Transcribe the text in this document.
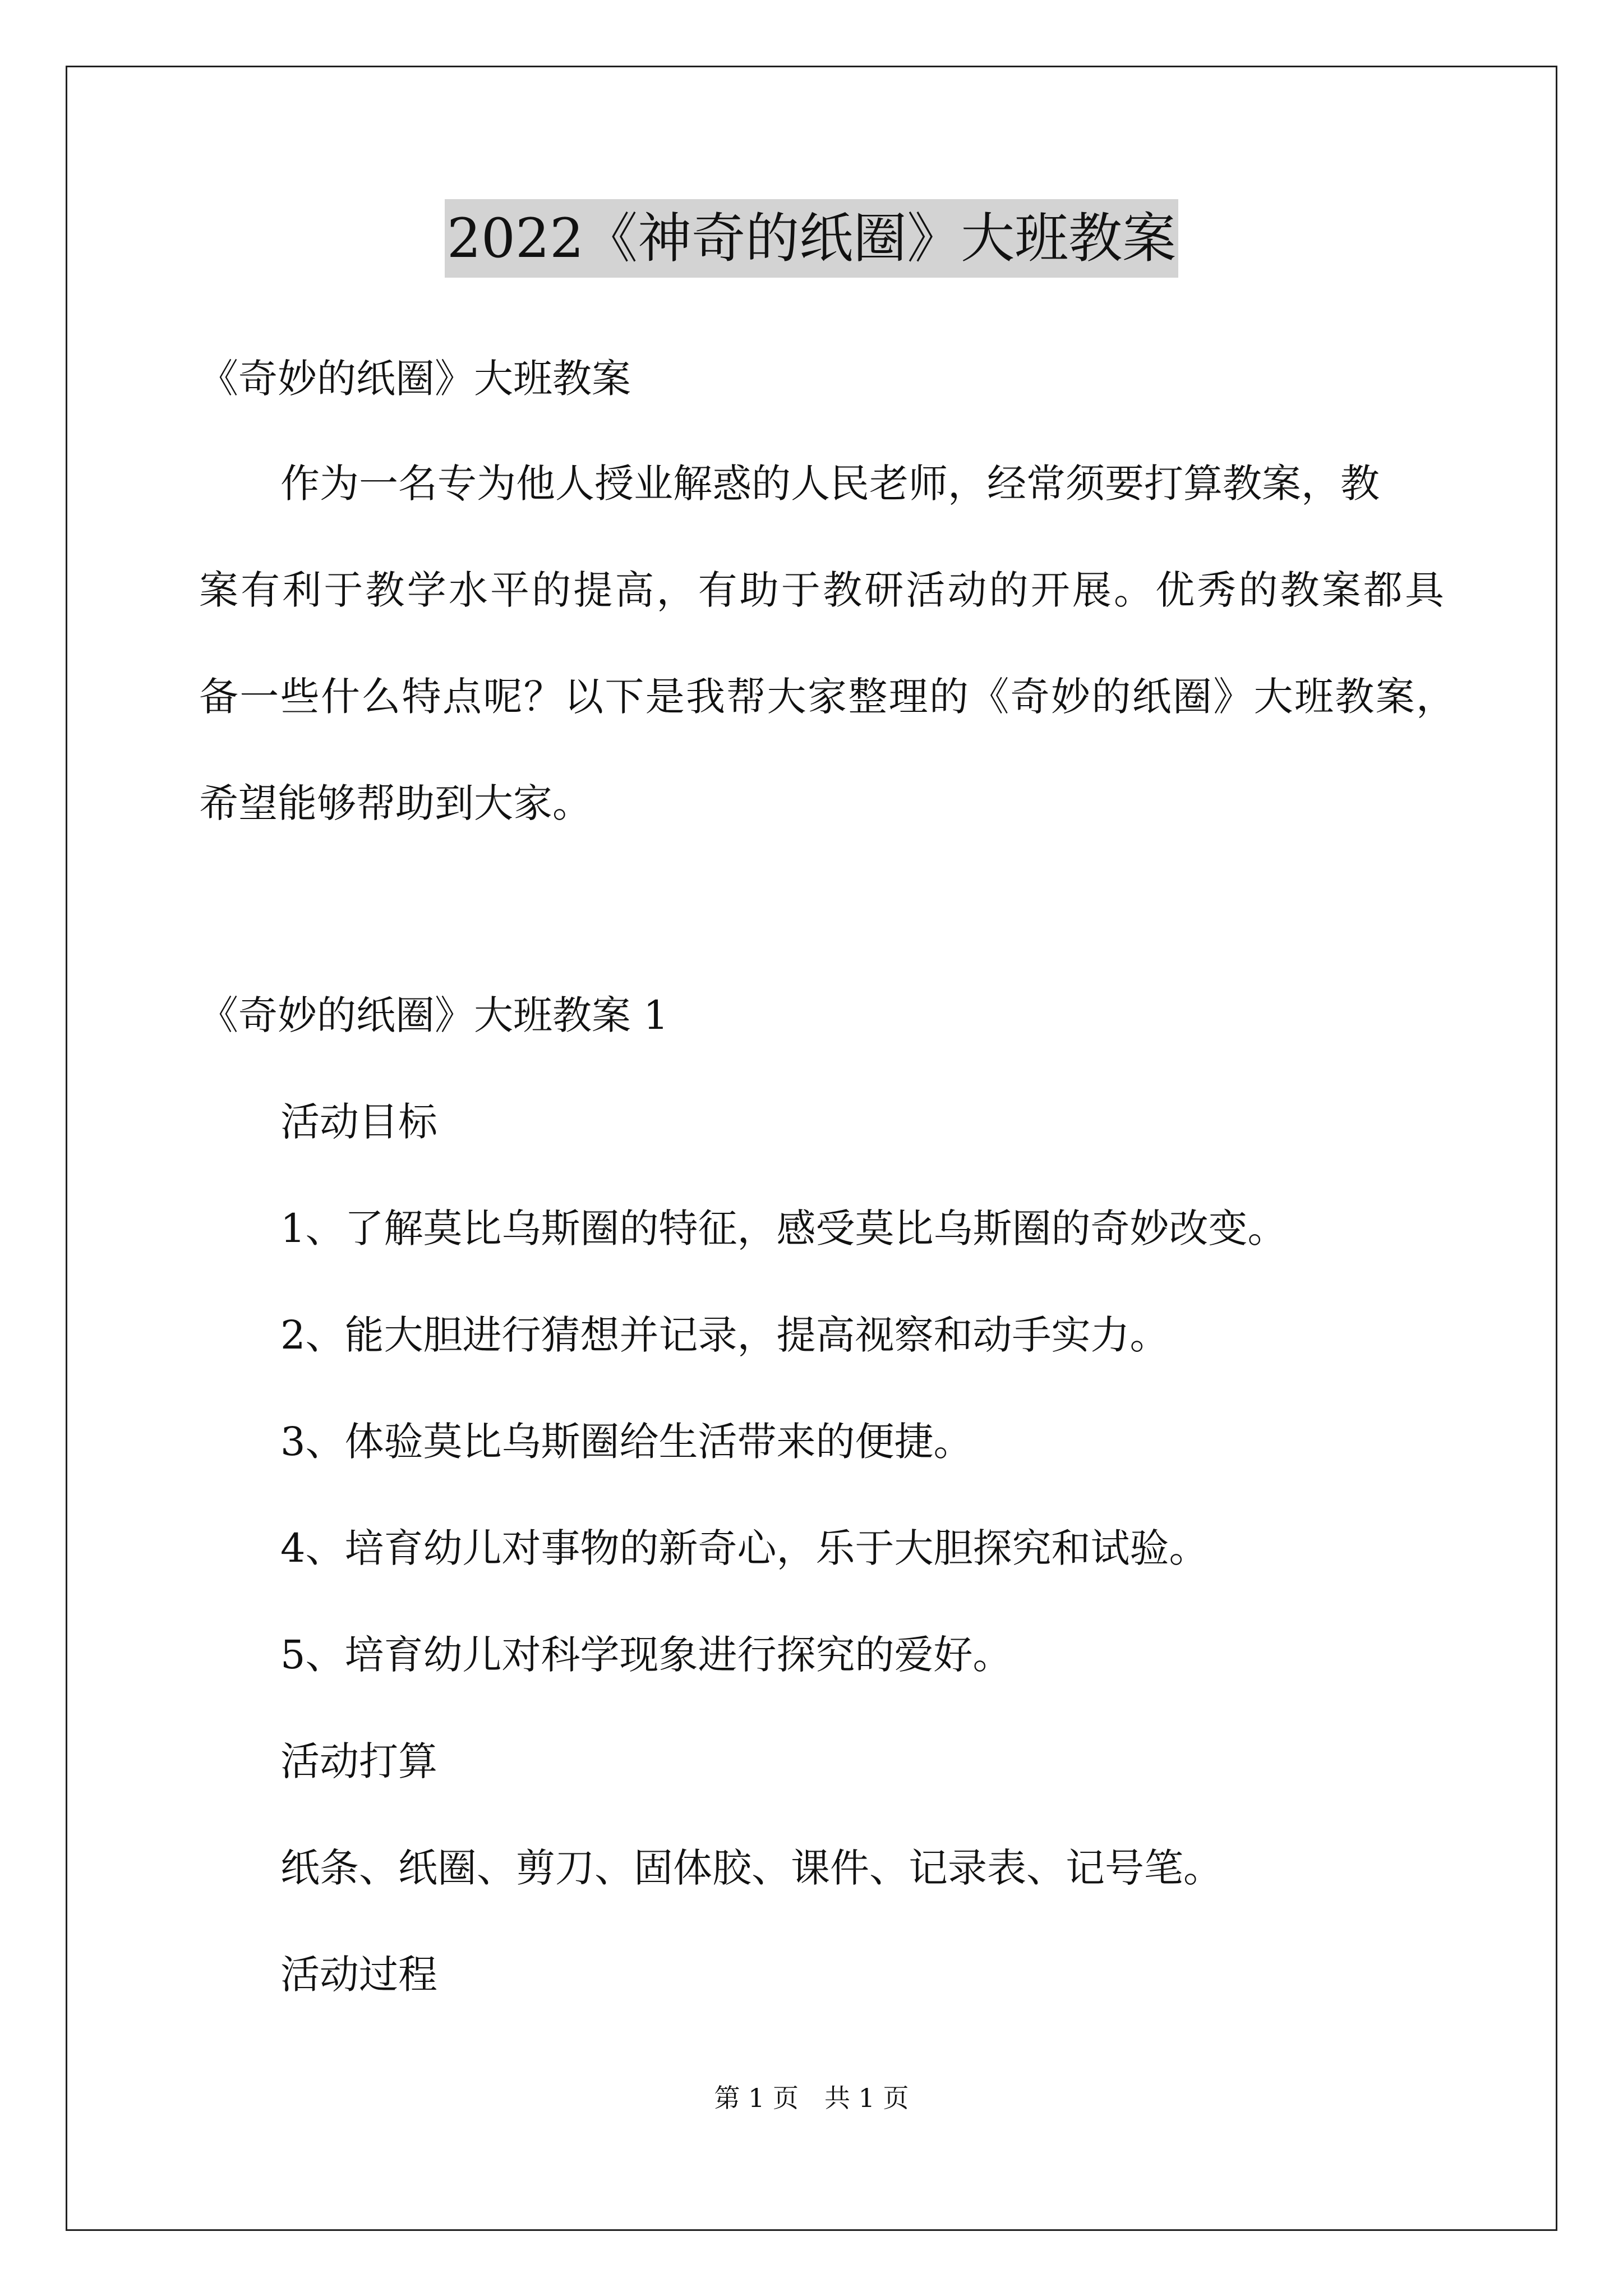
2022《神奇的纸圈》大班教案
《奇妙的纸圈》大班教案
作为一名专为他人授业解惑的人民老师，经常须要打算教案，教
案有利于教学水平的提高，有助于教研活动的开展。优秀的教案都具
备一些什么特点呢？以下是我帮大家整理的《奇妙的纸圈》大班教案，
希望能够帮助到大家。
《奇妙的纸圈》大班教案 1
活动目标
1、了解莫比乌斯圈的特征，感受莫比乌斯圈的奇妙改变。
2、能大胆进行猜想并记录，提高视察和动手实力。
3、体验莫比乌斯圈给生活带来的便捷。
4、培育幼儿对事物的新奇心，乐于大胆探究和试验。
5、培育幼儿对科学现象进行探究的爱好。
活动打算
纸条、纸圈、剪刀、固体胶、课件、记录表、记号笔。
活动过程
第 1 页　共 1 页
